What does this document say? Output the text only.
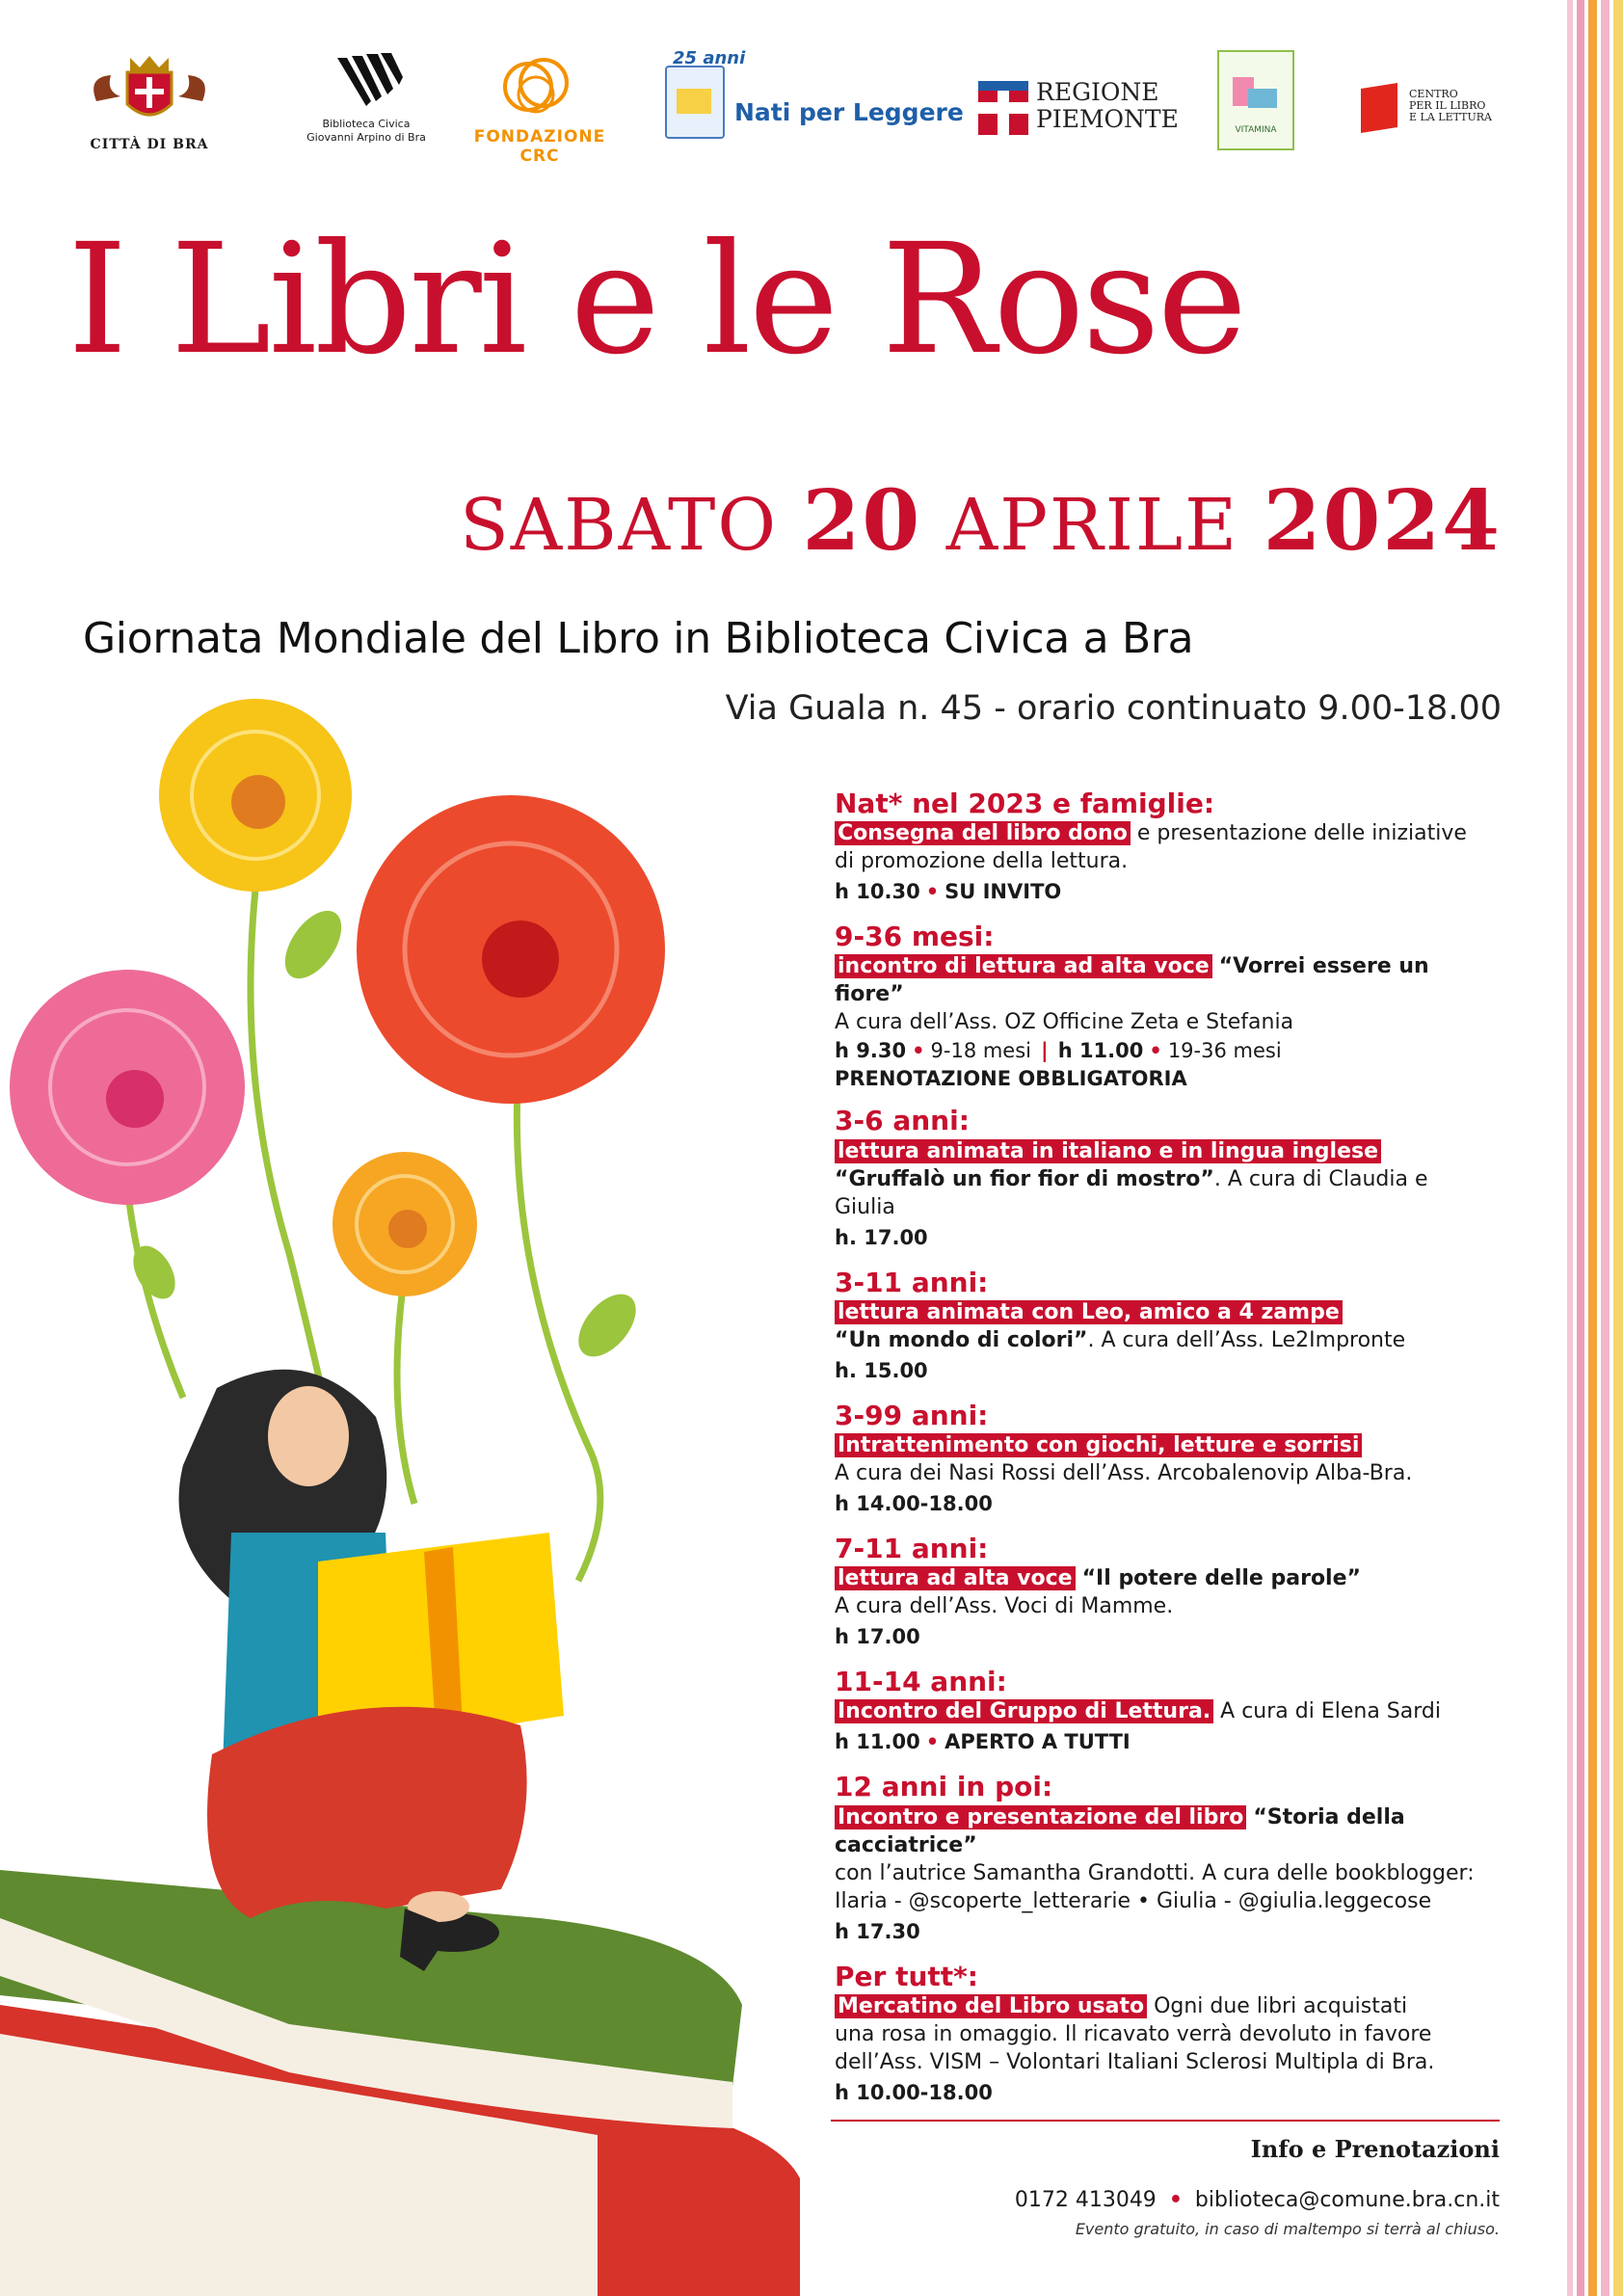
CITTÀ DI BRA
Biblioteca Civica
Giovanni Arpino di Bra	FONDAZIONE CRC
25 anni
Nati per Leggere
REGIONE
PIEMONTE	VITAMINA
CENTRO
PER IL LIBRO
E LA LETTURA
I Libri e le Rose
SABATO 20 APRILE 2024
Giornata Mondiale del Libro in Biblioteca Civica a Bra
Via Guala n. 45 - orario continuato 9.00-18.00
Nat* nel 2023 e famiglie:
Consegna del libro dono e presentazione delle iniziative
di promozione della lettura.
h 10.30 • SU INVITO
9-36 mesi:
incontro di lettura ad alta voce “Vorrei essere un fiore”
A cura dell’Ass. OZ Officine Zeta e Stefania
h 9.30 • 9-18 mesi | h 11.00 • 19-36 mesi
PRENOTAZIONE OBBLIGATORIA
3-6 anni:
lettura animata in italiano e in lingua inglese
“Gruffalò un fior fior di mostro”. A cura di Claudia e Giulia
h. 17.00
3-11 anni:
lettura animata con Leo, amico a 4 zampe
“Un mondo di colori”. A cura dell’Ass. Le2Impronte
h. 15.00
3-99 anni:
Intrattenimento con giochi, letture e sorrisi
A cura dei Nasi Rossi dell’Ass. Arcobalenovip Alba-Bra.
h 14.00-18.00
7-11 anni:
lettura ad alta voce “Il potere delle parole”
A cura dell’Ass. Voci di Mamme.
h 17.00
11-14 anni:
Incontro del Gruppo di Lettura. A cura di Elena Sardi
h 11.00 • APERTO A TUTTI
12 anni in poi:
Incontro e presentazione del libro “Storia della cacciatrice”
con l’autrice Samantha Grandotti. A cura delle bookblogger:
Ilaria - @scoperte_letterarie • Giulia - @giulia.leggecose
h 17.30
Per tutt*:
Mercatino del Libro usato Ogni due libri acquistati
una rosa in omaggio. Il ricavato verrà devoluto in favore
dell’Ass. VISM – Volontari Italiani Sclerosi Multipla di Bra.
h 10.00-18.00
Info e Prenotazioni
0172 413049 • biblioteca@comune.bra.cn.it
Evento gratuito, in caso di maltempo si terrà al chiuso.
